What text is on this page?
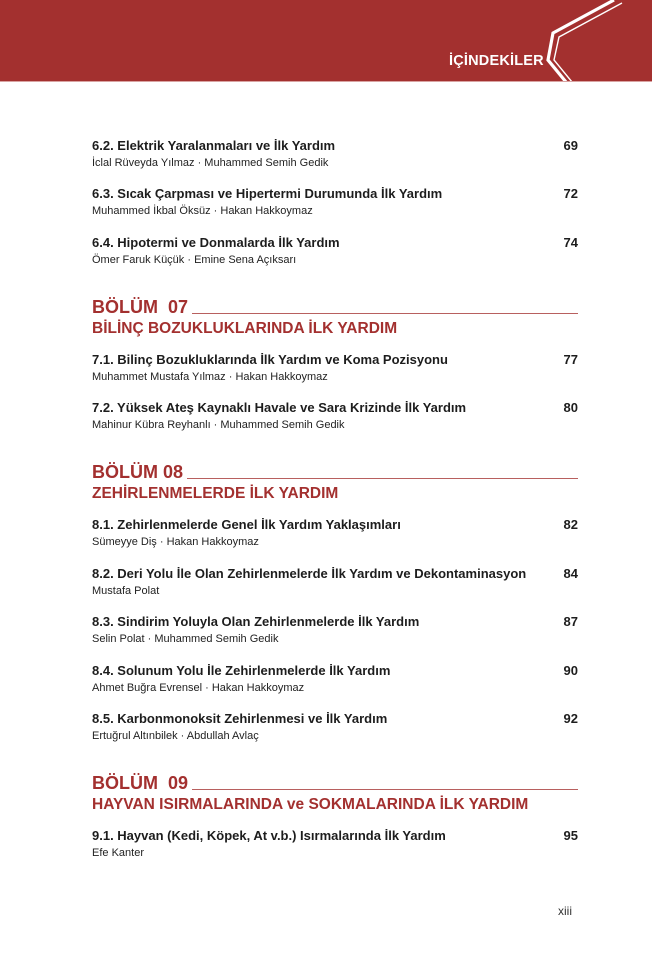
İÇİNDEKİLER
6.2. Elektrik Yaralanmaları ve İlk Yardım	69
İclal Rüveyda Yılmaz · Muhammed Semih Gedik
6.3. Sıcak Çarpması ve Hipertermi Durumunda İlk Yardım	72
Muhammed İkbal Öksüz · Hakan Hakkoymaz
6.4. Hipotermi ve Donmalarda İlk Yardım	74
Ömer Faruk Küçük · Emine Sena Açıksarı
BÖLÜM  07
BİLİNÇ BOZUKLUKLARINDA İLK YARDIM
7.1. Bilinç Bozukluklarında İlk Yardım ve Koma Pozisyonu	77
Muhammet Mustafa Yılmaz · Hakan Hakkoymaz
7.2. Yüksek Ateş Kaynaklı Havale ve Sara Krizinde İlk Yardım	80
Mahinur Kübra Reyhanlı · Muhammed Semih Gedik
BÖLÜM 08
ZEHİRLENMELERDE İLK YARDIM
8.1. Zehirlenmelerde Genel İlk Yardım Yaklaşımları	82
Sümeyye Diş · Hakan Hakkoymaz
8.2. Deri Yolu İle Olan Zehirlenmelerde İlk Yardım ve Dekontaminasyon	84
Mustafa Polat
8.3. Sindirim Yoluyla Olan Zehirlenmelerde İlk Yardım	87
Selin Polat · Muhammed Semih Gedik
8.4. Solunum Yolu İle Zehirlenmelerde İlk Yardım	90
Ahmet Buğra Evrensel · Hakan Hakkoymaz
8.5. Karbonmonoksit Zehirlenmesi ve İlk Yardım	92
Ertuğrul Altınbilek · Abdullah Avlaç
BÖLÜM  09
HAYVAN ISIRMALARINDA ve SOKMALARINDA İLK YARDIM
9.1. Hayvan (Kedi, Köpek, At v.b.) Isırmalarında İlk Yardım	95
Efe Kanter
xiii
